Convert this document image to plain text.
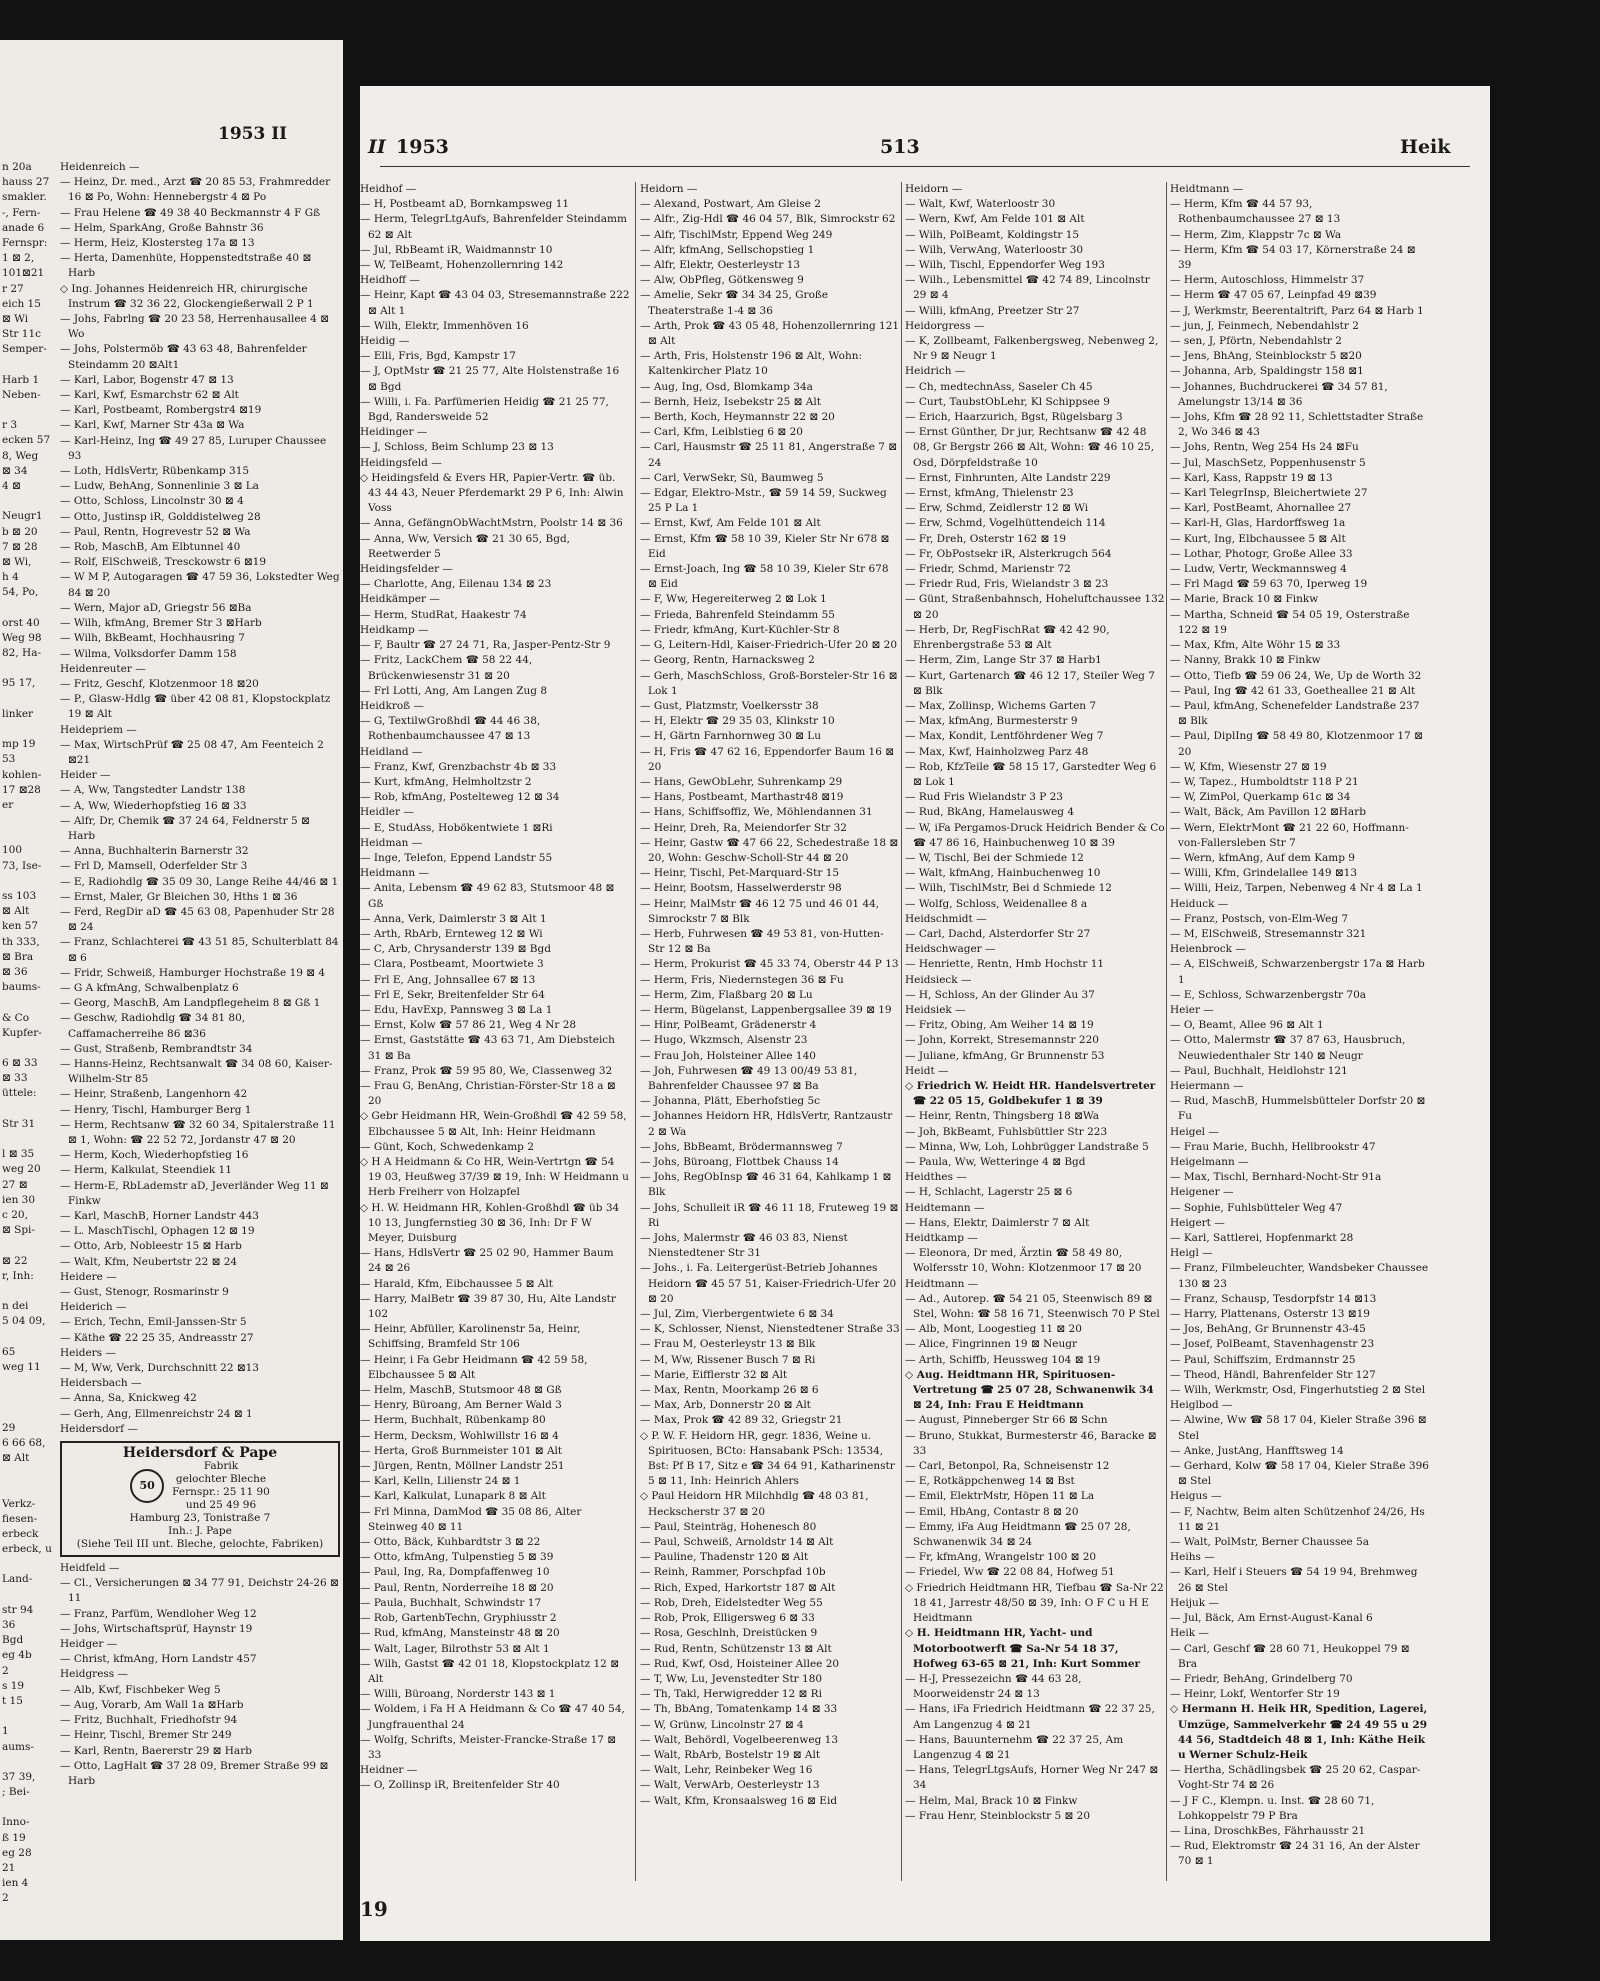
1953 II
n 20a
hauss 27
smakler.
-, Fern-
anade 6
Fernspr:
1 ⊠ 2,
101⊠21
r 27
eich 15
⊠ Wi
Str 11c
Semper-
Harb 1
Neben-
r 3
ecken 57
8, Weg
⊠ 34
4 ⊠
Neugr1
b ⊠ 20
7 ⊠ 28
⊠ Wi,
h 4
54, Po,
orst 40
Weg 98
82, Ha-
95 17,
linker
mp 19
53
kohlen-
17 ⊠28
er
100
73, Ise-
ss 103
⊠ Alt
ken 57
th 333,
⊠ Bra
⊠ 36
baums-
& Co
Kupfer-
6 ⊠ 33
⊠ 33
üttele:
Str 31
l ⊠ 35
weg 20
27 ⊠
ien 30
c 20,
⊠ Spi-
⊠ 22
r, Inh:
n dei
5 04 09,
65
weg 11
29
6 66 68,
⊠ Alt
Verkz-
fiesen-
erbeck
erbeck, u
Land-
str 94
36
Bgd
eg 4b
2
s 19
t 15
1
aums-
37 39,
; Bei-
Inno-
ß 19
eg 28
21
ien 4
2
Heidenreich —
— Heinz, Dr. med., Arzt ☎ 20 85 53, Frahmredder 16 ⊠ Po, Wohn: Hennebergstr 4 ⊠ Po
— Frau Helene ☎ 49 38 40 Beckmannstr 4 F Gß
— Helm, SparkAng, Große Bahnstr 36
— Herm, Heiz, Klostersteg 17a ⊠ 13
— Herta, Damenhüte, Hoppenstedtstraße 40 ⊠ Harb
◇ Ing. Johannes Heidenreich HR, chirurgische Instrum ☎ 32 36 22, Glockengießerwall 2 P 1
— Johs, Fabrlng ☎ 20 23 58, Herrenhausallee 4 ⊠ Wo
— Johs, Polstermöb ☎ 43 63 48, Bahrenfelder Steindamm 20 ⊠Alt1
— Karl, Labor, Bogenstr 47 ⊠ 13
— Karl, Kwf, Esmarchstr 62 ⊠ Alt
— Karl, Postbeamt, Rombergstr4 ⊠19
— Karl, Kwf, Marner Str 43a ⊠ Wa
— Karl-Heinz, Ing ☎ 49 27 85, Luruper Chaussee 93
— Loth, HdlsVertr, Rübenkamp 315
— Ludw, BehAng, Sonnenlinie 3 ⊠ La
— Otto, Schloss, Lincolnstr 30 ⊠ 4
— Otto, Justinsp iR, Golddistelweg 28
— Paul, Rentn, Hogrevestr 52 ⊠ Wa
— Rob, MaschB, Am Elbtunnel 40
— Rolf, ElSchweiß, Tresckowstr 6 ⊠19
— W M P, Autogaragen ☎ 47 59 36, Lokstedter Weg 84 ⊠ 20
— Wern, Major aD, Griegstr 56 ⊠Ba
— Wilh, kfmAng, Bremer Str 3 ⊠Harb
— Wilh, BkBeamt, Hochhausring 7
— Wilma, Volksdorfer Damm 158
Heidenreuter —
— Fritz, Geschf, Klotzenmoor 18 ⊠20
— P., Glasw-Hdlg ☎ über 42 08 81, Klopstockplatz 19 ⊠ Alt
Heidepriem —
— Max, WirtschPrüf ☎ 25 08 47, Am Feenteich 2 ⊠21
Heider —
— A, Ww, Tangstedter Landstr 138
— A, Ww, Wiederhopfstieg 16 ⊠ 33
— Alfr, Dr, Chemik ☎ 37 24 64, Feldnerstr 5 ⊠ Harb
— Anna, Buchhalterin Barnerstr 32
— Frl D, Mamsell, Oderfelder Str 3
— E, Radiohdlg ☎ 35 09 30, Lange Reihe 44/46 ⊠ 1
— Ernst, Maler, Gr Bleichen 30, Hths 1 ⊠ 36
— Ferd, RegDir aD ☎ 45 63 08, Papenhuder Str 28 ⊠ 24
— Franz, Schlachterei ☎ 43 51 85, Schulterblatt 84 ⊠ 6
— Fridr, Schweiß, Hamburger Hochstraße 19 ⊠ 4
— G A kfmAng, Schwalbenplatz 6
— Georg, MaschB, Am Landpflegeheim 8 ⊠ Gß 1
— Geschw, Radiohdlg ☎ 34 81 80, Caffamacherreihe 86 ⊠36
— Gust, Straßenb, Rembrandtstr 34
— Hanns-Heinz, Rechtsanwalt ☎ 34 08 60, Kaiser-Wilhelm-Str 85
— Heinr, Straßenb, Langenhorn 42
— Henry, Tischl, Hamburger Berg 1
— Herm, Rechtsanw ☎ 32 60 34, Spitalerstraße 11 ⊠ 1, Wohn: ☎ 22 52 72, Jordanstr 47 ⊠ 20
— Herm, Koch, Wiederhopfstieg 16
— Herm, Kalkulat, Steendiek 11
— Herm-E, RbLademstr aD, Jeverländer Weg 11 ⊠ Finkw
— Karl, MaschB, Horner Landstr 443
— L. MaschTischl, Ophagen 12 ⊠ 19
— Otto, Arb, Nobleestr 15 ⊠ Harb
— Walt, Kfm, Neubertstr 22 ⊠ 24
Heidere —
— Gust, Stenogr, Rosmarinstr 9
Heiderich —
— Erich, Techn, Emil-Janssen-Str 5
— Käthe ☎ 22 25 35, Andreasstr 27
Heiders —
— M, Ww, Verk, Durchschnitt 22 ⊠13
Heidersbach —
— Anna, Sa, Knickweg 42
— Gerh, Ang, Ellmenreichstr 24 ⊠ 1
Heidersdorf —
Heidersdorf & Pape
50
Fabrik
gelochter Bleche
Fernspr.: 25 11 90
und 25 49 96
Hamburg 23, Tonistraße 7
Inh.: J. Pape
(Siehe Teil III unt. Bleche, gelochte, Fabriken)
Heidfeld —
— Cl., Versicherungen ⊠ 34 77 91, Deichstr 24-26 ⊠ 11
— Franz, Parfüm, Wendloher Weg 12
— Johs, Wirtschaftsprüf, Haynstr 19
Heidger —
— Christ, kfmAng, Horn Landstr 457
Heidgress —
— Alb, Kwf, Fischbeker Weg 5
— Aug, Vorarb, Am Wall 1a ⊠Harb
— Fritz, Buchhalt, Friedhofstr 94
— Heinr, Tischl, Bremer Str 249
— Karl, Rentn, Baererstr 29 ⊠ Harb
— Otto, LagHalt ☎ 37 28 09, Bremer Straße 99 ⊠ Harb
II 1953	513	Heik
Heidhof —
— H, Postbeamt aD, Bornkampsweg 11
— Herm, TelegrLtgAufs, Bahrenfelder Steindamm 62 ⊠ Alt
— Jul, RbBeamt iR, Waidmannstr 10
— W, TelBeamt, Hohenzollernring 142
Heidhoff —
— Heinr, Kapt ☎ 43 04 03, Stresemannstraße 222 ⊠ Alt 1
— Wilh, Elektr, Immenhöven 16
Heidig —
— Elli, Fris, Bgd, Kampstr 17
— J, OptMstr ☎ 21 25 77, Alte Holstenstraße 16 ⊠ Bgd
— Willi, i. Fa. Parfümerien Heidig ☎ 21 25 77, Bgd, Randersweide 52
Heidinger —
— J, Schloss, Beim Schlump 23 ⊠ 13
Heidingsfeld —
◇ Heidingsfeld & Evers HR, Papier-Vertr. ☎ üb. 43 44 43, Neuer Pferdemarkt 29 P 6, Inh: Alwin Voss
— Anna, GefängnObWachtMstrn, Poolstr 14 ⊠ 36
— Anna, Ww, Versich ☎ 21 30 65, Bgd, Reetwerder 5
Heidingsfelder —
— Charlotte, Ang, Eilenau 134 ⊠ 23
Heidkämper —
— Herm, StudRat, Haakestr 74
Heidkamp —
— F, Baultr ☎ 27 24 71, Ra, Jasper-Pentz-Str 9
— Fritz, LackChem ☎ 58 22 44, Brückenwiesenstr 31 ⊠ 20
— Frl Lotti, Ang, Am Langen Zug 8
Heidkroß —
— G, TextilwGroßhdl ☎ 44 46 38, Rothenbaumchaussee 47 ⊠ 13
Heidland —
— Franz, Kwf, Grenzbachstr 4b ⊠ 33
— Kurt, kfmAng, Helmholtzstr 2
— Rob, kfmAng, Postelteweg 12 ⊠ 34
Heidler —
— E, StudAss, Hobökentwiete 1 ⊠Ri
Heidman —
— Inge, Telefon, Eppend Landstr 55
Heidmann —
— Anita, Lebensm ☎ 49 62 83, Stutsmoor 48 ⊠ Gß
— Anna, Verk, Daimlerstr 3 ⊠ Alt 1
— Arth, RbArb, Ernteweg 12 ⊠ Wi
— C, Arb, Chrysanderstr 139 ⊠ Bgd
— Clara, Postbeamt, Moortwiete 3
— Frl E, Ang, Johnsallee 67 ⊠ 13
— Frl E, Sekr, Breitenfelder Str 64
— Edu, HavExp, Pannsweg 3 ⊠ La 1
— Ernst, Kolw ☎ 57 86 21, Weg 4 Nr 28
— Ernst, Gaststätte ☎ 43 63 71, Am Diebsteich 31 ⊠ Ba
— Franz, Prok ☎ 59 95 80, We, Classenweg 32
— Frau G, BenAng, Christian-Förster-Str 18 a ⊠ 20
◇ Gebr Heidmann HR, Wein-Großhdl ☎ 42 59 58, Elbchaussee 5 ⊠ Alt, Inh: Heinr Heidmann
— Günt, Koch, Schwedenkamp 2
◇ H A Heidmann & Co HR, Wein-Vertrtgn ☎ 54 19 03, Heußweg 37/39 ⊠ 19, Inh: W Heidmann u Herb Freiherr von Holzapfel
◇ H. W. Heidmann HR, Kohlen-Großhdl ☎ üb 34 10 13, Jungfernstieg 30 ⊠ 36, Inh: Dr F W Meyer, Duisburg
— Hans, HdlsVertr ☎ 25 02 90, Hammer Baum 24 ⊠ 26
— Harald, Kfm, Eibchaussee 5 ⊠ Alt
— Harry, MalBetr ☎ 39 87 30, Hu, Alte Landstr 102
— Heinr, Abfüller, Karolinenstr 5a, Heinr, Schiffsing, Bramfeld Str 106
— Heinr, i Fa Gebr Heidmann ☎ 42 59 58, Elbchaussee 5 ⊠ Alt
— Helm, MaschB, Stutsmoor 48 ⊠ Gß
— Henry, Büroang, Am Berner Wald 3
— Herm, Buchhalt, Rübenkamp 80
— Herm, Decksm, Wohlwillstr 16 ⊠ 4
— Herta, Groß Burnmeister 101 ⊠ Alt
— Jürgen, Rentn, Möllner Landstr 251
— Karl, Kelln, Lilienstr 24 ⊠ 1
— Karl, Kalkulat, Lunapark 8 ⊠ Alt
— Frl Minna, DamMod ☎ 35 08 86, Alter Steinweg 40 ⊠ 11
— Otto, Bäck, Kuhbardtstr 3 ⊠ 22
— Otto, kfmAng, Tulpenstieg 5 ⊠ 39
— Paul, Ing, Ra, Dompfaffenweg 10
— Paul, Rentn, Norderreihe 18 ⊠ 20
— Paula, Buchhalt, Schwindstr 17
— Rob, GartenbTechn, Gryphiusstr 2
— Rud, kfmAng, Mansteinstr 48 ⊠ 20
— Walt, Lager, Bilrothstr 53 ⊠ Alt 1
— Wilh, Gastst ☎ 42 01 18, Klopstockplatz 12 ⊠ Alt
— Willi, Büroang, Norderstr 143 ⊠ 1
— Woldem, i Fa H A Heidmann & Co ☎ 47 40 54, Jungfrauenthal 24
— Wolfg, Schrifts, Meister-Francke-Straße 17 ⊠ 33
Heidner —
— O, Zollinsp iR, Breitenfelder Str 40
Heidorn —
— Alexand, Postwart, Am Gleise 2
— Alfr., Zig-Hdl ☎ 46 04 57, Blk, Simrockstr 62
— Alfr, TischlMstr, Eppend Weg 249
— Alfr, kfmAng, Sellschopstieg 1
— Alfr, Elektr, Oesterleystr 13
— Alw, ObPfleg, Götkensweg 9
— Amelie, Sekr ☎ 34 34 25, Große Theaterstraße 1-4 ⊠ 36
— Arth, Prok ☎ 43 05 48, Hohenzollernring 121 ⊠ Alt
— Arth, Fris, Holstenstr 196 ⊠ Alt, Wohn: Kaltenkircher Platz 10
— Aug, Ing, Osd, Blomkamp 34a
— Bernh, Heiz, Isebekstr 25 ⊠ Alt
— Berth, Koch, Heymannstr 22 ⊠ 20
— Carl, Kfm, Leiblstieg 6 ⊠ 20
— Carl, Hausmstr ☎ 25 11 81, Angerstraße 7 ⊠ 24
— Carl, VerwSekr, Sü, Baumweg 5
— Edgar, Elektro-Mstr., ☎ 59 14 59, Suckweg 25 P La 1
— Ernst, Kwf, Am Felde 101 ⊠ Alt
— Ernst, Kfm ☎ 58 10 39, Kieler Str Nr 678 ⊠ Eid
— Ernst-Joach, Ing ☎ 58 10 39, Kieler Str 678 ⊠ Eid
— F, Ww, Hegereiterweg 2 ⊠ Lok 1
— Frieda, Bahrenfeld Steindamm 55
— Friedr, kfmAng, Kurt-Küchler-Str 8
— G, Leitern-Hdl, Kaiser-Friedrich-Ufer 20 ⊠ 20
— Georg, Rentn, Harnacksweg 2
— Gerh, MaschSchloss, Groß-Borsteler-Str 16 ⊠ Lok 1
— Gust, Platzmstr, Voelkersstr 38
— H, Elektr ☎ 29 35 03, Klinkstr 10
— H, Gärtn Farnhornweg 30 ⊠ Lu
— H, Fris ☎ 47 62 16, Eppendorfer Baum 16 ⊠ 20
— Hans, GewObLehr, Suhrenkamp 29
— Hans, Postbeamt, Marthastr48 ⊠19
— Hans, Schiffsoffiz, We, Möhlendannen 31
— Heinr, Dreh, Ra, Meiendorfer Str 32
— Heinr, Gastw ☎ 47 66 22, Schedestraße 18 ⊠ 20, Wohn: Geschw-Scholl-Str 44 ⊠ 20
— Heinr, Tischl, Pet-Marquard-Str 15
— Heinr, Bootsm, Hasselwerderstr 98
— Heinr, MalMstr ☎ 46 12 75 und 46 01 44, Simrockstr 7 ⊠ Blk
— Herb, Fuhrwesen ☎ 49 53 81, von-Hutten-Str 12 ⊠ Ba
— Herm, Prokurist ☎ 45 33 74, Oberstr 44 P 13
— Herm, Fris, Niedernstegen 36 ⊠ Fu
— Herm, Zim, Flaßbarg 20 ⊠ Lu
— Herm, Bügelanst, Lappenbergsallee 39 ⊠ 19
— Hinr, PolBeamt, Grädenerstr 4
— Hugo, Wkzmsch, Alsenstr 23
— Frau Joh, Holsteiner Allee 140
— Joh, Fuhrwesen ☎ 49 13 00/49 53 81, Bahrenfelder Chaussee 97 ⊠ Ba
— Johanna, Plätt, Eberhofstieg 5c
— Johannes Heidorn HR, HdlsVertr, Rantzaustr 2 ⊠ Wa
— Johs, BbBeamt, Brödermannsweg 7
— Johs, Büroang, Flottbek Chauss 14
— Johs, RegObInsp ☎ 46 31 64, Kahlkamp 1 ⊠ Blk
— Johs, Schulleit iR ☎ 46 11 18, Fruteweg 19 ⊠ Ri
— Johs, Malermstr ☎ 46 03 83, Nienst Nienstedtener Str 31
— Johs., i. Fa. Leitergerüst-Betrieb Johannes Heidorn ☎ 45 57 51, Kaiser-Friedrich-Ufer 20 ⊠ 20
— Jul, Zim, Vierbergentwiete 6 ⊠ 34
— K, Schlosser, Nienst, Nienstedtener Straße 33
— Frau M, Oesterleystr 13 ⊠ Blk
— M, Ww, Rissener Busch 7 ⊠ Ri
— Marie, Eifflerstr 32 ⊠ Alt
— Max, Rentn, Moorkamp 26 ⊠ 6
— Max, Arb, Donnerstr 20 ⊠ Alt
— Max, Prok ☎ 42 89 32, Griegstr 21
◇ P. W. F. Heidorn HR, gegr. 1836, Weine u. Spirituosen, BCto: Hansabank PSch: 13534, Bst: Pf B 17, Sitz e ☎ 34 64 91, Katharinenstr 5 ⊠ 11, Inh: Heinrich Ahlers
◇ Paul Heidorn HR Milchhdlg ☎ 48 03 81, Heckscherstr 37 ⊠ 20
— Paul, Steinträg, Hohenesch 80
— Paul, Schweiß, Arnoldstr 14 ⊠ Alt
— Pauline, Thadenstr 120 ⊠ Alt
— Reinh, Rammer, Porschpfad 10b
— Rich, Exped, Harkortstr 187 ⊠ Alt
— Rob, Dreh, Eidelstedter Weg 55
— Rob, Prok, Elligersweg 6 ⊠ 33
— Rosa, Geschlnh, Dreistücken 9
— Rud, Rentn, Schützenstr 13 ⊠ Alt
— Rud, Kwf, Osd, Hoisteiner Allee 20
— T, Ww, Lu, Jevenstedter Str 180
— Th, Takl, Herwigredder 12 ⊠ Ri
— Th, BbAng, Tomatenkamp 14 ⊠ 33
— W, Grünw, Lincolnstr 27 ⊠ 4
— Walt, Behördl, Vogelbeerenweg 13
— Walt, RbArb, Bostelstr 19 ⊠ Alt
— Walt, Lehr, Reinbeker Weg 16
— Walt, VerwArb, Oesterleystr 13
— Walt, Kfm, Kronsaalsweg 16 ⊠ Eid
Heidorn —
— Walt, Kwf, Waterloostr 30
— Wern, Kwf, Am Felde 101 ⊠ Alt
— Wilh, PolBeamt, Koldingstr 15
— Wilh, VerwAng, Waterloostr 30
— Wilh, Tischl, Eppendorfer Weg 193
— Wilh., Lebensmittel ☎ 42 74 89, Lincolnstr 29 ⊠ 4
— Willi, kfmAng, Preetzer Str 27
Heidorgress —
— K, Zollbeamt, Falkenbergsweg, Nebenweg 2, Nr 9 ⊠ Neugr 1
Heidrich —
— Ch, medtechnAss, Saseler Ch 45
— Curt, TaubstObLehr, Kl Schippsee 9
— Erich, Haarzurich, Bgst, Rügelsbarg 3
— Ernst Günther, Dr jur, Rechtsanw ☎ 42 48 08, Gr Bergstr 266 ⊠ Alt, Wohn: ☎ 46 10 25, Osd, Dörpfeldstraße 10
— Ernst, Finhrunten, Alte Landstr 229
— Ernst, kfmAng, Thielenstr 23
— Erw, Schmd, Zeidlerstr 12 ⊠ Wi
— Erw, Schmd, Vogelhüttendeich 114
— Fr, Dreh, Osterstr 162 ⊠ 19
— Fr, ObPostsekr iR, Alsterkrugch 564
— Friedr, Schmd, Marienstr 72
— Friedr Rud, Fris, Wielandstr 3 ⊠ 23
— Günt, Straßenbahnsch, Hoheluftchaussee 132 ⊠ 20
— Herb, Dr, RegFischRat ☎ 42 42 90, Ehrenbergstraße 53 ⊠ Alt
— Herm, Zim, Lange Str 37 ⊠ Harb1
— Kurt, Gartenarch ☎ 46 12 17, Steiler Weg 7 ⊠ Blk
— Max, Zollinsp, Wichems Garten 7
— Max, kfmAng, Burmesterstr 9
— Max, Kondit, Lentföhrdener Weg 7
— Max, Kwf, Hainholzweg Parz 48
— Rob, KfzTeile ☎ 58 15 17, Garstedter Weg 6 ⊠ Lok 1
— Rud Fris Wielandstr 3 P 23
— Rud, BkAng, Hamelausweg 4
— W, iFa Pergamos-Druck Heidrich Bender & Co ☎ 47 86 16, Hainbuchenweg 10 ⊠ 39
— W, Tischl, Bei der Schmiede 12
— Walt, kfmAng, Hainbuchenweg 10
— Wilh, TischlMstr, Bei d Schmiede 12
— Wolfg, Schloss, Weidenallee 8 a
Heidschmidt —
— Carl, Dachd, Alsterdorfer Str 27
Heidschwager —
— Henriette, Rentn, Hmb Hochstr 11
Heidsieck —
— H, Schloss, An der Glinder Au 37
Heidsiek —
— Fritz, Obing, Am Weiher 14 ⊠ 19
— John, Korrekt, Stresemannstr 220
— Juliane, kfmAng, Gr Brunnenstr 53
Heidt —
◇ Friedrich W. Heidt HR. Handelsvertreter ☎ 22 05 15, Goldbekufer 1 ⊠ 39
— Heinr, Rentn, Thingsberg 18 ⊠Wa
— Joh, BkBeamt, Fuhlsbüttler Str 223
— Minna, Ww, Loh, Lohbrügger Landstraße 5
— Paula, Ww, Wetteringe 4 ⊠ Bgd
Heidthes —
— H, Schlacht, Lagerstr 25 ⊠ 6
Heidtemann —
— Hans, Elektr, Daimlerstr 7 ⊠ Alt
Heidtkamp —
— Eleonora, Dr med, Ärztin ☎ 58 49 80, Wolfersstr 10, Wohn: Klotzenmoor 17 ⊠ 20
Heidtmann —
— Ad., Autorep. ☎ 54 21 05, Steenwisch 89 ⊠ Stel, Wohn: ☎ 58 16 71, Steenwisch 70 P Stel
— Alb, Mont, Loogestieg 11 ⊠ 20
— Alice, Fingrinnen 19 ⊠ Neugr
— Arth, Schiffb, Heussweg 104 ⊠ 19
◇ Aug. Heidtmann HR, Spirituosen-Vertretung ☎ 25 07 28, Schwanenwik 34 ⊠ 24, Inh: Frau E Heidtmann
— August, Pinneberger Str 66 ⊠ Schn
— Bruno, Stukkat, Burmesterstr 46, Baracke ⊠ 33
— Carl, Betonpol, Ra, Schneisenstr 12
— E, Rotkäppchenweg 14 ⊠ Bst
— Emil, ElektrMstr, Höpen 11 ⊠ La
— Emil, HbAng, Contastr 8 ⊠ 20
— Emmy, iFa Aug Heidtmann ☎ 25 07 28, Schwanenwik 34 ⊠ 24
— Fr, kfmAng, Wrangelstr 100 ⊠ 20
— Friedel, Ww ☎ 22 08 84, Hofweg 51
◇ Friedrich Heidtmann HR, Tiefbau ☎ Sa-Nr 22 18 41, Jarrestr 48/50 ⊠ 39, Inh: O F C u H E Heidtmann
◇ H. Heidtmann HR, Yacht- und Motorbootwerft ☎ Sa-Nr 54 18 37, Hofweg 63-65 ⊠ 21, Inh: Kurt Sommer
— H-J, Pressezeichn ☎ 44 63 28, Moorweidenstr 24 ⊠ 13
— Hans, iFa Friedrich Heidtmann ☎ 22 37 25, Am Langenzug 4 ⊠ 21
— Hans, Bauunternehm ☎ 22 37 25, Am Langenzug 4 ⊠ 21
— Hans, TelegrLtgsAufs, Horner Weg Nr 247 ⊠ 34
— Helm, Mal, Brack 10 ⊠ Finkw
— Frau Henr, Steinblockstr 5 ⊠ 20
Heidtmann —
— Herm, Kfm ☎ 44 57 93, Rothenbaumchaussee 27 ⊠ 13
— Herm, Zim, Klappstr 7c ⊠ Wa
— Herm, Kfm ☎ 54 03 17, Körnerstraße 24 ⊠ 39
— Herm, Autoschloss, Himmelstr 37
— Herm ☎ 47 05 67, Leinpfad 49 ⊠39
— J, Werkmstr, Beerentaltrift, Parz 64 ⊠ Harb 1
— jun, J, Feinmech, Nebendahlstr 2
— sen, J, Pförtn, Nebendahlstr 2
— Jens, BhAng, Steinblockstr 5 ⊠20
— Johanna, Arb, Spaldingstr 158 ⊠1
— Johannes, Buchdruckerei ☎ 34 57 81, Amelungstr 13/14 ⊠ 36
— Johs, Kfm ☎ 28 92 11, Schlettstadter Straße 2, Wo 346 ⊠ 43
— Johs, Rentn, Weg 254 Hs 24 ⊠Fu
— Jul, MaschSetz, Poppenhusenstr 5
— Karl, Kass, Rappstr 19 ⊠ 13
— Karl TelegrInsp, Bleichertwiete 27
— Karl, PostBeamt, Ahornallee 27
— Karl-H, Glas, Hardorffsweg 1a
— Kurt, Ing, Elbchaussee 5 ⊠ Alt
— Lothar, Photogr, Große Allee 33
— Ludw, Vertr, Weckmannsweg 4
— Frl Magd ☎ 59 63 70, Iperweg 19
— Marie, Brack 10 ⊠ Finkw
— Martha, Schneid ☎ 54 05 19, Osterstraße 122 ⊠ 19
— Max, Kfm, Alte Wöhr 15 ⊠ 33
— Nanny, Brakk 10 ⊠ Finkw
— Otto, Tiefb ☎ 59 06 24, We, Up de Worth 32
— Paul, Ing ☎ 42 61 33, Goetheallee 21 ⊠ Alt
— Paul, kfmAng, Schenefelder Landstraße 237 ⊠ Blk
— Paul, DiplIng ☎ 58 49 80, Klotzenmoor 17 ⊠ 20
— W, Kfm, Wiesenstr 27 ⊠ 19
— W, Tapez., Humboldtstr 118 P 21
— W, ZimPol, Querkamp 61c ⊠ 34
— Walt, Bäck, Am Pavillon 12 ⊠Harb
— Wern, ElektrMont ☎ 21 22 60, Hoffmann-von-Fallersleben Str 7
— Wern, kfmAng, Auf dem Kamp 9
— Willi, Kfm, Grindelallee 149 ⊠13
— Willi, Heiz, Tarpen, Nebenweg 4 Nr 4 ⊠ La 1
Heiduck —
— Franz, Postsch, von-Elm-Weg 7
— M, ElSchweiß, Stresemannstr 321
Heienbrock —
— A, ElSchweiß, Schwarzenbergstr 17a ⊠ Harb 1
— E, Schloss, Schwarzenbergstr 70a
Heier —
— O, Beamt, Allee 96 ⊠ Alt 1
— Otto, Malermstr ☎ 37 87 63, Hausbruch, Neuwiedenthaler Str 140 ⊠ Neugr
— Paul, Buchhalt, Heidlohstr 121
Heiermann —
— Rud, MaschB, Hummelsbütteler Dorfstr 20 ⊠ Fu
Heigel —
— Frau Marie, Buchh, Hellbrookstr 47
Heigelmann —
— Max, Tischl, Bernhard-Nocht-Str 91a
Heigener —
— Sophie, Fuhlsbütteler Weg 47
Heigert —
— Karl, Sattlerei, Hopfenmarkt 28
Heigl —
— Franz, Filmbeleuchter, Wandsbeker Chaussee 130 ⊠ 23
— Franz, Schausp, Tesdorpfstr 14 ⊠13
— Harry, Plattenans, Osterstr 13 ⊠19
— Jos, BehAng, Gr Brunnenstr 43-45
— Josef, PolBeamt, Stavenhagenstr 23
— Paul, Schiffszim, Erdmannstr 25
— Theod, Händl, Bahrenfelder Str 127
— Wilh, Werkmstr, Osd, Fingerhutstieg 2 ⊠ Stel
Heiglbod —
— Alwine, Ww ☎ 58 17 04, Kieler Straße 396 ⊠ Stel
— Anke, JustAng, Hanfftsweg 14
— Gerhard, Kolw ☎ 58 17 04, Kieler Straße 396 ⊠ Stel
Heigus —
— F, Nachtw, Beim alten Schützenhof 24/26, Hs 11 ⊠ 21
— Walt, PolMstr, Berner Chaussee 5a
Heihs —
— Karl, Helf i Steuers ☎ 54 19 94, Brehmweg 26 ⊠ Stel
Heijuk —
— Jul, Bäck, Am Ernst-August-Kanal 6
Heik —
— Carl, Geschf ☎ 28 60 71, Heukoppel 79 ⊠ Bra
— Friedr, BehAng, Grindelberg 70
— Heinr, Lokf, Wentorfer Str 19
◇ Hermann H. Heik HR, Spedition, Lagerei, Umzüge, Sammelverkehr ☎ 24 49 55 u 29 44 56, Stadtdeich 48 ⊠ 1, Inh: Käthe Heik u Werner Schulz-Heik
— Hertha, Schädlingsbek ☎ 25 20 62, Caspar-Voght-Str 74 ⊠ 26
— J F C., Klempn. u. Inst. ☎ 28 60 71, Lohkoppelstr 79 P Bra
— Lina, DroschkBes, Fährhausstr 21
— Rud, Elektromstr ☎ 24 31 16, An der Alster 70 ⊠ 1
19
